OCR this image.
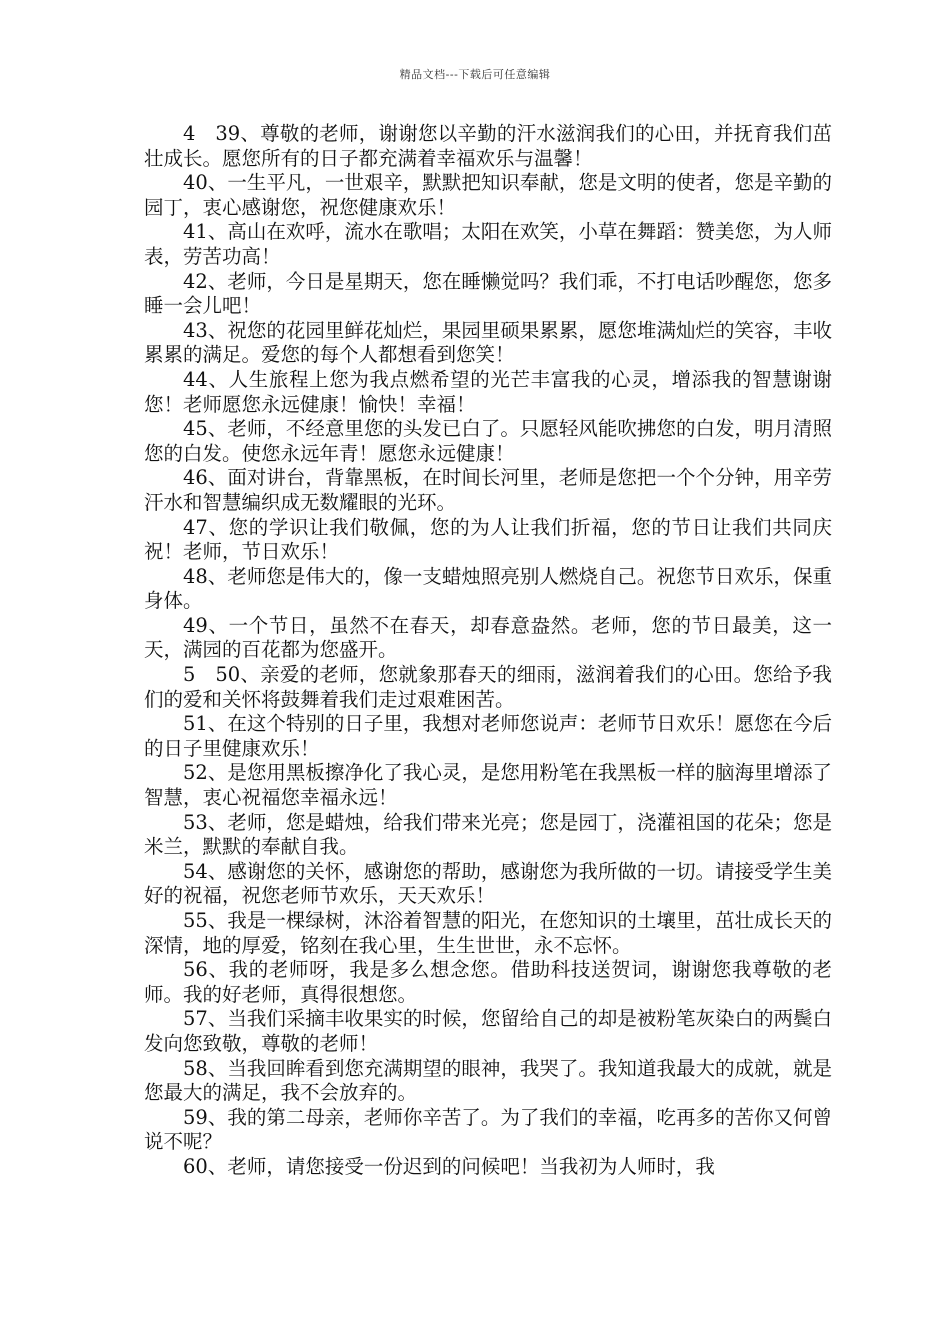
精品文档---下载后可任意编辑

4　39、尊敬的老师，谢谢您以辛勤的汗水滋润我们的心田，并抚育我们茁壮成长。愿您所有的日子都充满着幸福欢乐与温馨！

40、一生平凡，一世艰辛，默默把知识奉献，您是文明的使者，您是辛勤的园丁，衷心感谢您，祝您健康欢乐！

41、高山在欢呼，流水在歌唱；太阳在欢笑，小草在舞蹈：赞美您，为人师表，劳苦功高！

42、老师，今日是星期天，您在睡懒觉吗？我们乖，不打电话吵醒您，您多睡一会儿吧！

43、祝您的花园里鲜花灿烂，果园里硕果累累，愿您堆满灿烂的笑容，丰收累累的满足。爱您的每个人都想看到您笑！

44、人生旅程上您为我点燃希望的光芒丰富我的心灵，增添我的智慧谢谢您！老师愿您永远健康！愉快！幸福！

45、老师，不经意里您的头发已白了。只愿轻风能吹拂您的白发，明月清照您的白发。使您永远年青！愿您永远健康！

46、面对讲台，背靠黑板，在时间长河里，老师是您把一个个分钟，用辛劳汗水和智慧编织成无数耀眼的光环。

47、您的学识让我们敬佩，您的为人让我们折福，您的节日让我们共同庆祝！老师，节日欢乐！

48、老师您是伟大的，像一支蜡烛照亮别人燃烧自己。祝您节日欢乐，保重身体。

49、一个节日，虽然不在春天，却春意盎然。老师，您的节日最美，这一天，满园的百花都为您盛开。

5　50、亲爱的老师，您就象那春天的细雨，滋润着我们的心田。您给予我们的爱和关怀将鼓舞着我们走过艰难困苦。

51、在这个特别的日子里，我想对老师您说声：老师节日欢乐！愿您在今后的日子里健康欢乐！

52、是您用黑板擦净化了我心灵，是您用粉笔在我黑板一样的脑海里增添了智慧，衷心祝福您幸福永远！

53、老师，您是蜡烛，给我们带来光亮；您是园丁，浇灌祖国的花朵；您是米兰，默默的奉献自我。

54、感谢您的关怀，感谢您的帮助，感谢您为我所做的一切。请接受学生美好的祝福，祝您老师节欢乐，天天欢乐！

55、我是一棵绿树，沐浴着智慧的阳光，在您知识的土壤里，茁壮成长天的深情，地的厚爱，铭刻在我心里，生生世世，永不忘怀。

56、我的老师呀，我是多么想念您。借助科技送贺词，谢谢您我尊敬的老师。我的好老师，真得很想您。

57、当我们采摘丰收果实的时候，您留给自己的却是被粉笔灰染白的两鬓白发向您致敬，尊敬的老师！

58、当我回眸看到您充满期望的眼神，我哭了。我知道我最大的成就，就是您最大的满足，我不会放弃的。

59、我的第二母亲，老师你辛苦了。为了我们的幸福，吃再多的苦你又何曾说不呢？

60、老师，请您接受一份迟到的问候吧！当我初为人师时，我
